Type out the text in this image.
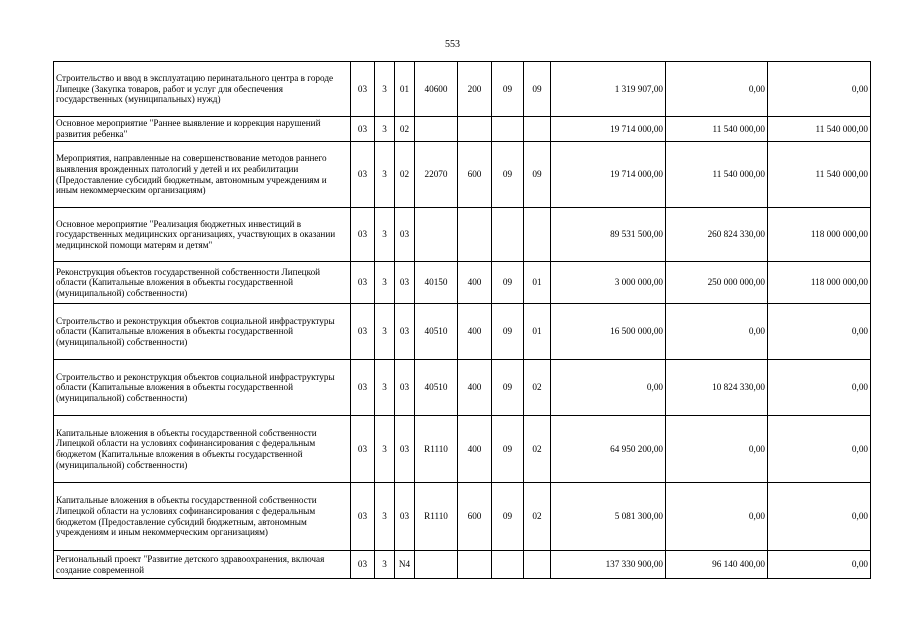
553
Строительство и ввод в эксплуатацию перинатального центра в городе Липецке (Закупка товаров, работ и услуг для обеспечения государственных (муниципальных) нужд)	03	3	01	40600	200	09	09	1 319 907,00	0,00	0,00
Основное мероприятие "Раннее выявление и коррекция нарушений развития ребенка"	03	3	02					19 714 000,00	11 540 000,00	11 540 000,00
Мероприятия, направленные на совершенствование методов раннего выявления врожденных патологий у детей и их реабилитации (Предоставление субсидий бюджетным, автономным учреждениям и иным некоммерческим организациям)	03	3	02	22070	600	09	09	19 714 000,00	11 540 000,00	11 540 000,00
Основное мероприятие "Реализация бюджетных инвестиций в государственных медицинских организациях, участвующих в оказании медицинской помощи матерям и детям"	03	3	03					89 531 500,00	260 824 330,00	118 000 000,00
Реконструкция объектов государственной собственности Липецкой области (Капитальные вложения в объекты государственной (муниципальной) собственности)	03	3	03	40150	400	09	01	3 000 000,00	250 000 000,00	118 000 000,00
Строительство и реконструкция объектов социальной инфраструктуры области (Капитальные вложения в объекты государственной (муниципальной) собственности)	03	3	03	40510	400	09	01	16 500 000,00	0,00	0,00
Строительство и реконструкция объектов социальной инфраструктуры области (Капитальные вложения в объекты государственной (муниципальной) собственности)	03	3	03	40510	400	09	02	0,00	10 824 330,00	0,00
Капитальные вложения в объекты государственной собственности Липецкой области на условиях софинансирования с федеральным бюджетом (Капитальные вложения в объекты государственной (муниципальной) собственности)	03	3	03	R1110	400	09	02	64 950 200,00	0,00	0,00
Капитальные вложения в объекты государственной собственности Липецкой области на условиях софинансирования с федеральным бюджетом (Предоставление субсидий бюджетным, автономным учреждениям и иным некоммерческим организациям)	03	3	03	R1110	600	09	02	5 081 300,00	0,00	0,00
Региональный проект "Развитие детского здравоохранения, включая создание современной	03	3	N4					137 330 900,00	96 140 400,00	0,00
